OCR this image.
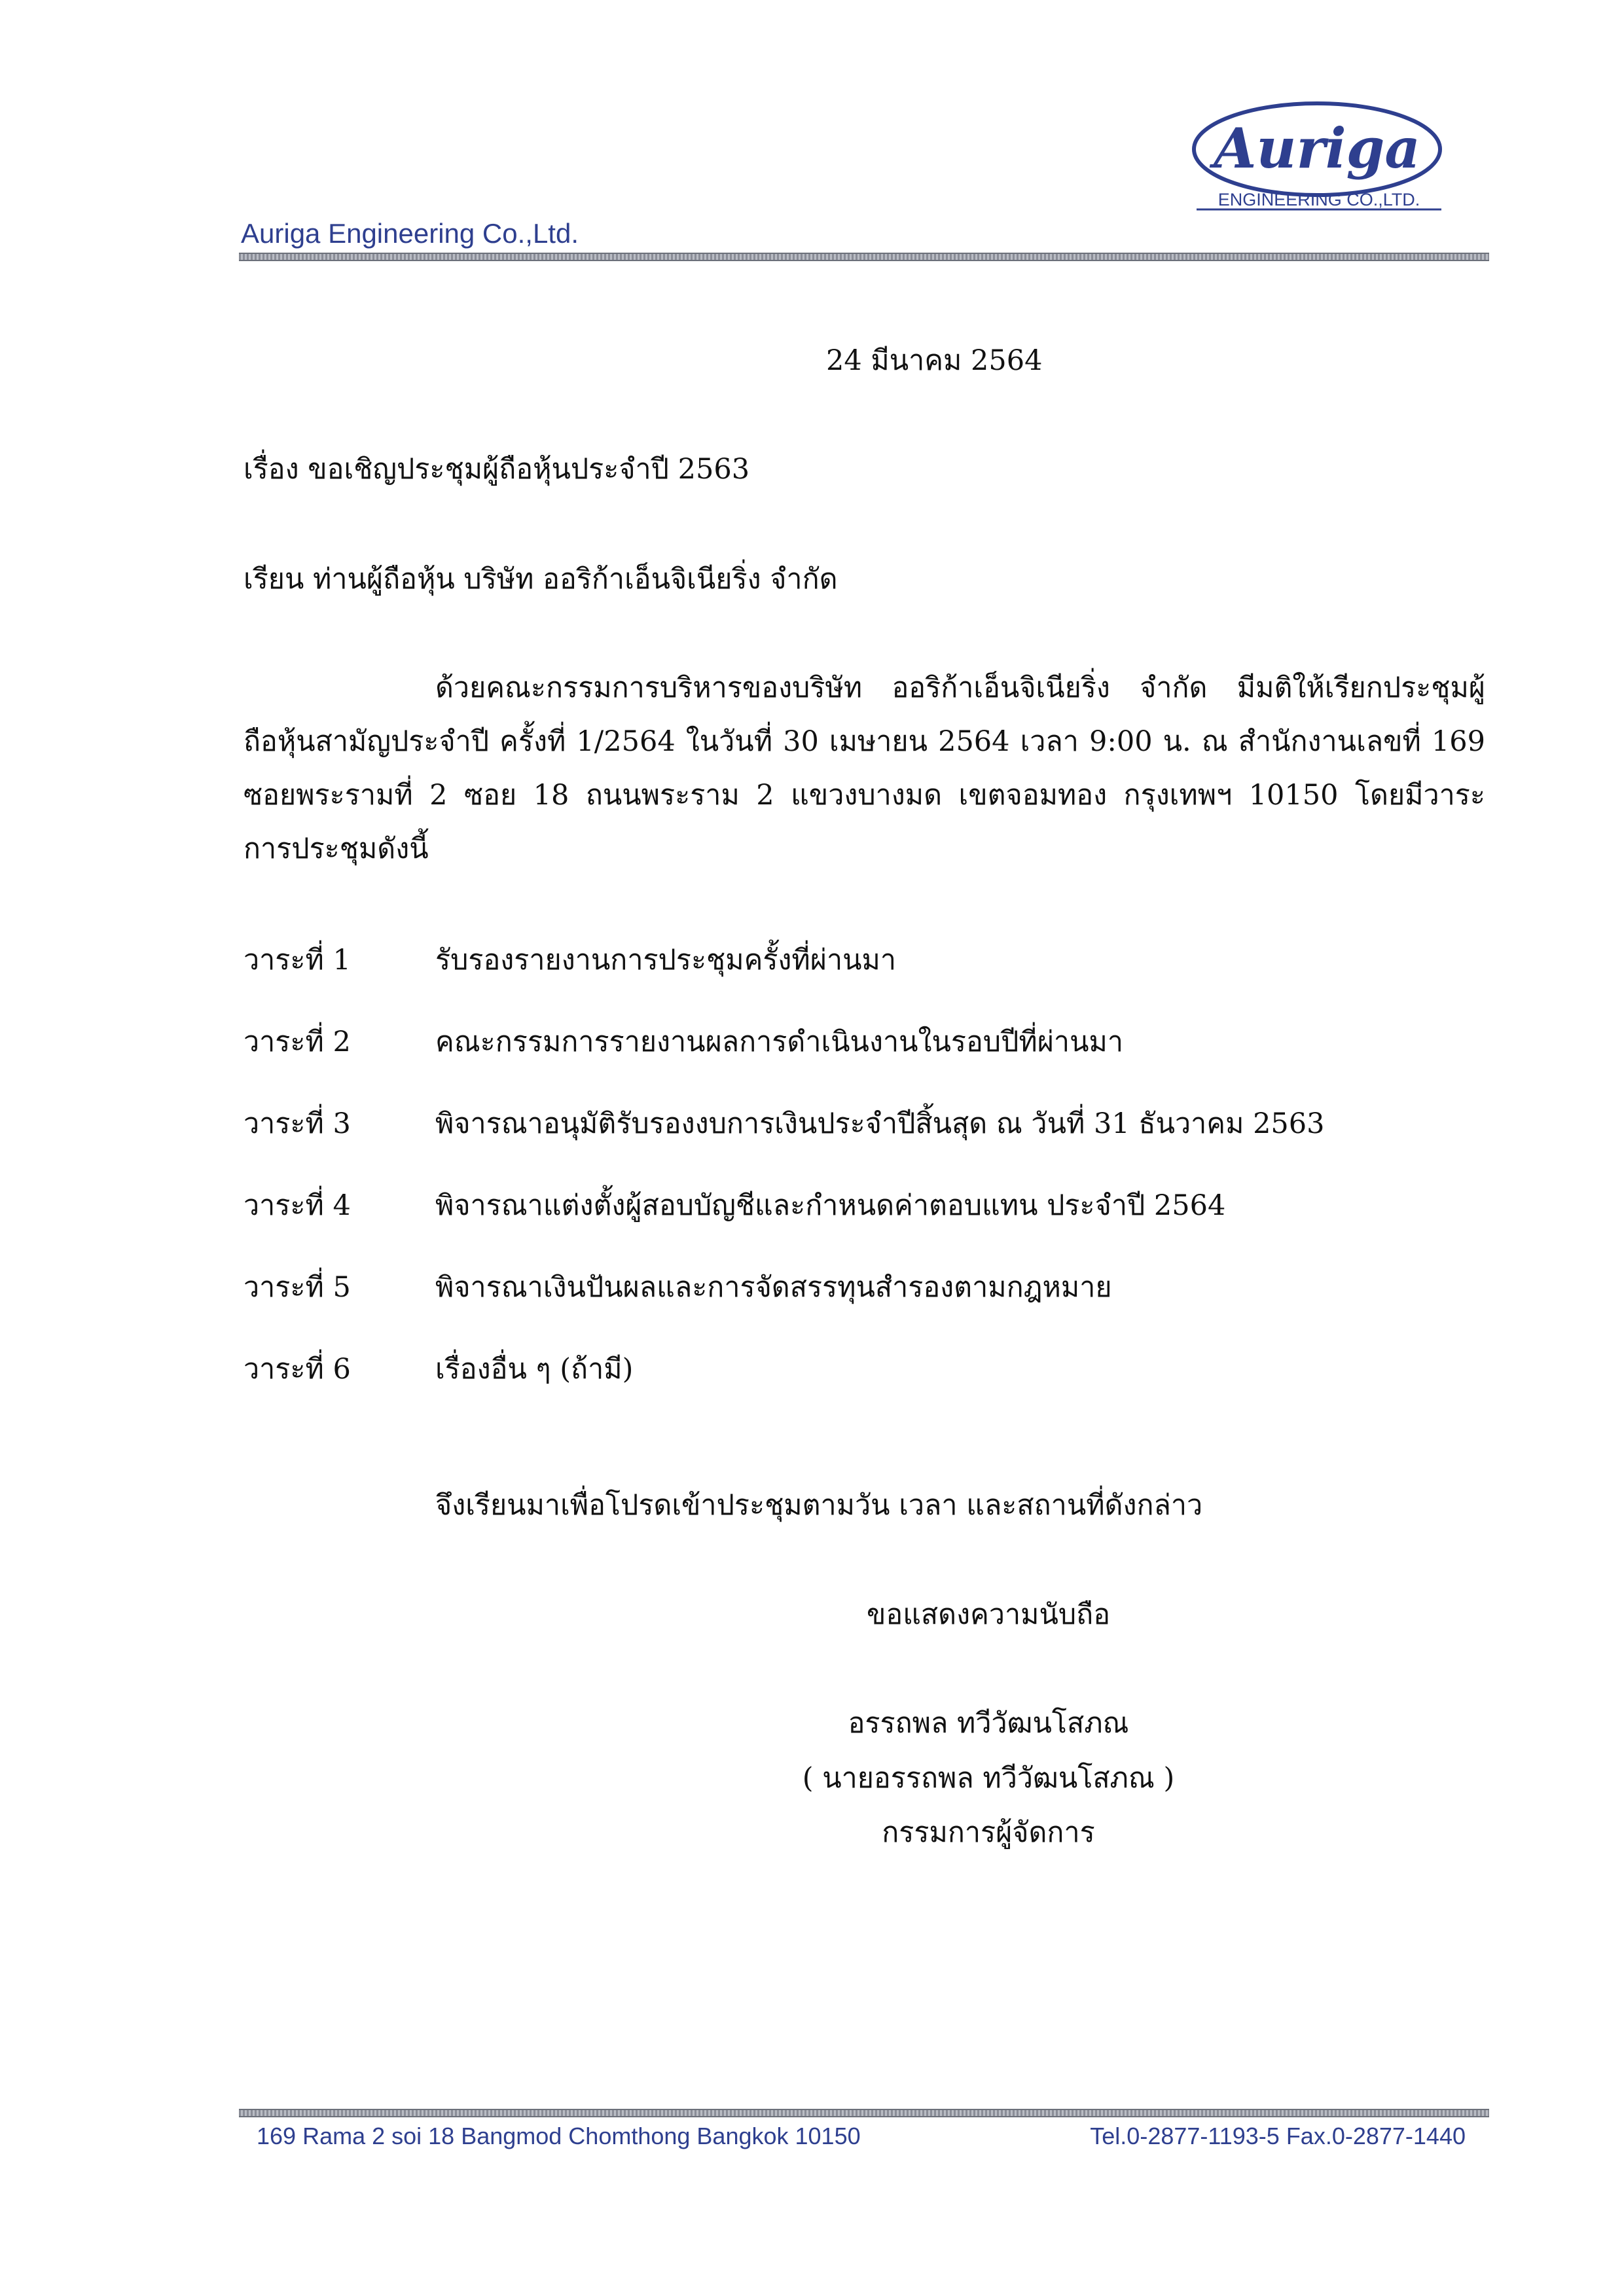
Auriga
ENGINEERING CO.,LTD.
Auriga Engineering Co.,Ltd.
24 มีนาคม 2564
เรื่อง ขอเชิญประชุมผู้ถือหุ้นประจำปี 2563
เรียน ท่านผู้ถือหุ้น บริษัท ออริก้าเอ็นจิเนียริ่ง จำกัด
ด้วยคณะกรรมการบริหารของบริษัท ออริก้าเอ็นจิเนียริ่ง จำกัด มีมติให้เรียกประชุมผู้
ถือหุ้นสามัญประจำปี ครั้งที่ 1/2564 ในวันที่ 30 เมษายน 2564 เวลา 9:00 น. ณ สำนักงานเลขที่ 169
ซอยพระรามที่ 2 ซอย 18 ถนนพระราม 2 แขวงบางมด เขตจอมทอง กรุงเทพฯ 10150 โดยมีวาระ
การประชุมดังนี้
วาระที่ 1	รับรองรายงานการประชุมครั้งที่ผ่านมา
วาระที่ 2	คณะกรรมการรายงานผลการดำเนินงานในรอบปีที่ผ่านมา
วาระที่ 3	พิจารณาอนุมัติรับรองงบการเงินประจำปีสิ้นสุด ณ วันที่ 31 ธันวาคม 2563
วาระที่ 4	พิจารณาแต่งตั้งผู้สอบบัญชีและกำหนดค่าตอบแทน ประจำปี 2564
วาระที่ 5	พิจารณาเงินปันผลและการจัดสรรทุนสำรองตามกฎหมาย
วาระที่ 6	เรื่องอื่น ๆ (ถ้ามี)
จึงเรียนมาเพื่อโปรดเข้าประชุมตามวัน เวลา และสถานที่ดังกล่าว
ขอแสดงความนับถือ
อรรถพล ทวีวัฒนโสภณ
( นายอรรถพล ทวีวัฒนโสภณ )
กรรมการผู้จัดการ
169 Rama 2 soi 18 Bangmod Chomthong Bangkok 10150	Tel.0-2877-1193-5 Fax.0-2877-1440
